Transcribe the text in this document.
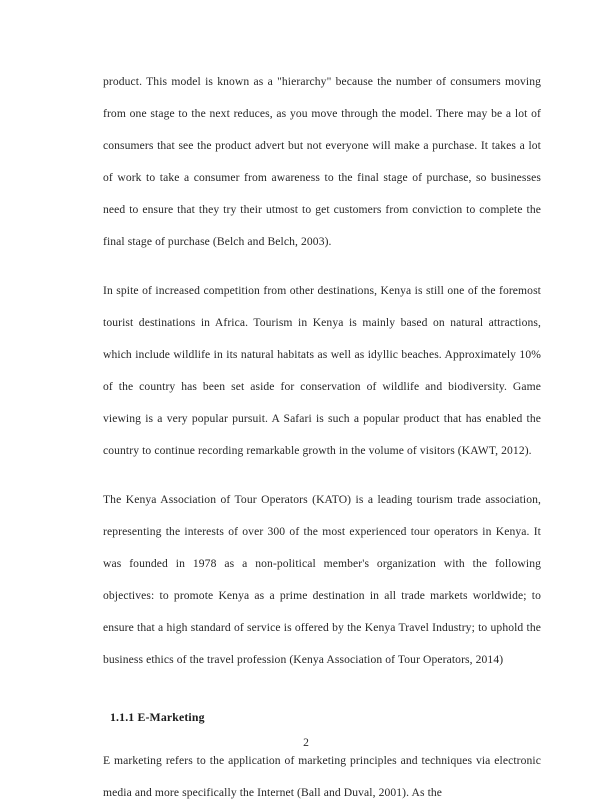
product. This model is known as a "hierarchy" because the number of consumers moving from one stage to the next reduces, as you move through the model. There may be a lot of consumers that see the product advert but not everyone will make a purchase. It takes a lot of work to take a consumer from awareness to the final stage of purchase, so businesses need to ensure that they try their utmost to get customers from conviction to complete the final stage of purchase (Belch and Belch, 2003).

In spite of increased competition from other destinations, Kenya is still one of the foremost tourist destinations in Africa. Tourism in Kenya is mainly based on natural attractions, which include wildlife in its natural habitats as well as idyllic beaches. Approximately 10% of the country has been set aside for conservation of wildlife and biodiversity. Game viewing is a very popular pursuit. A Safari is such a popular product that has enabled the country to continue recording remarkable growth in the volume of visitors (KAWT, 2012).

The Kenya Association of Tour Operators (KATO) is a leading tourism trade association, representing the interests of over 300 of the most experienced tour operators in Kenya. It was founded in 1978 as a non-political member's organization with the following objectives: to promote Kenya as a prime destination in all trade markets worldwide; to ensure that a high standard of service is offered by the Kenya Travel Industry; to uphold the business ethics of the travel profession (Kenya Association of Tour Operators, 2014)

1.1.1 E-Marketing

E marketing refers to the application of marketing principles and techniques via electronic media and more specifically the Internet (Ball and Duval, 2001). As the

2
